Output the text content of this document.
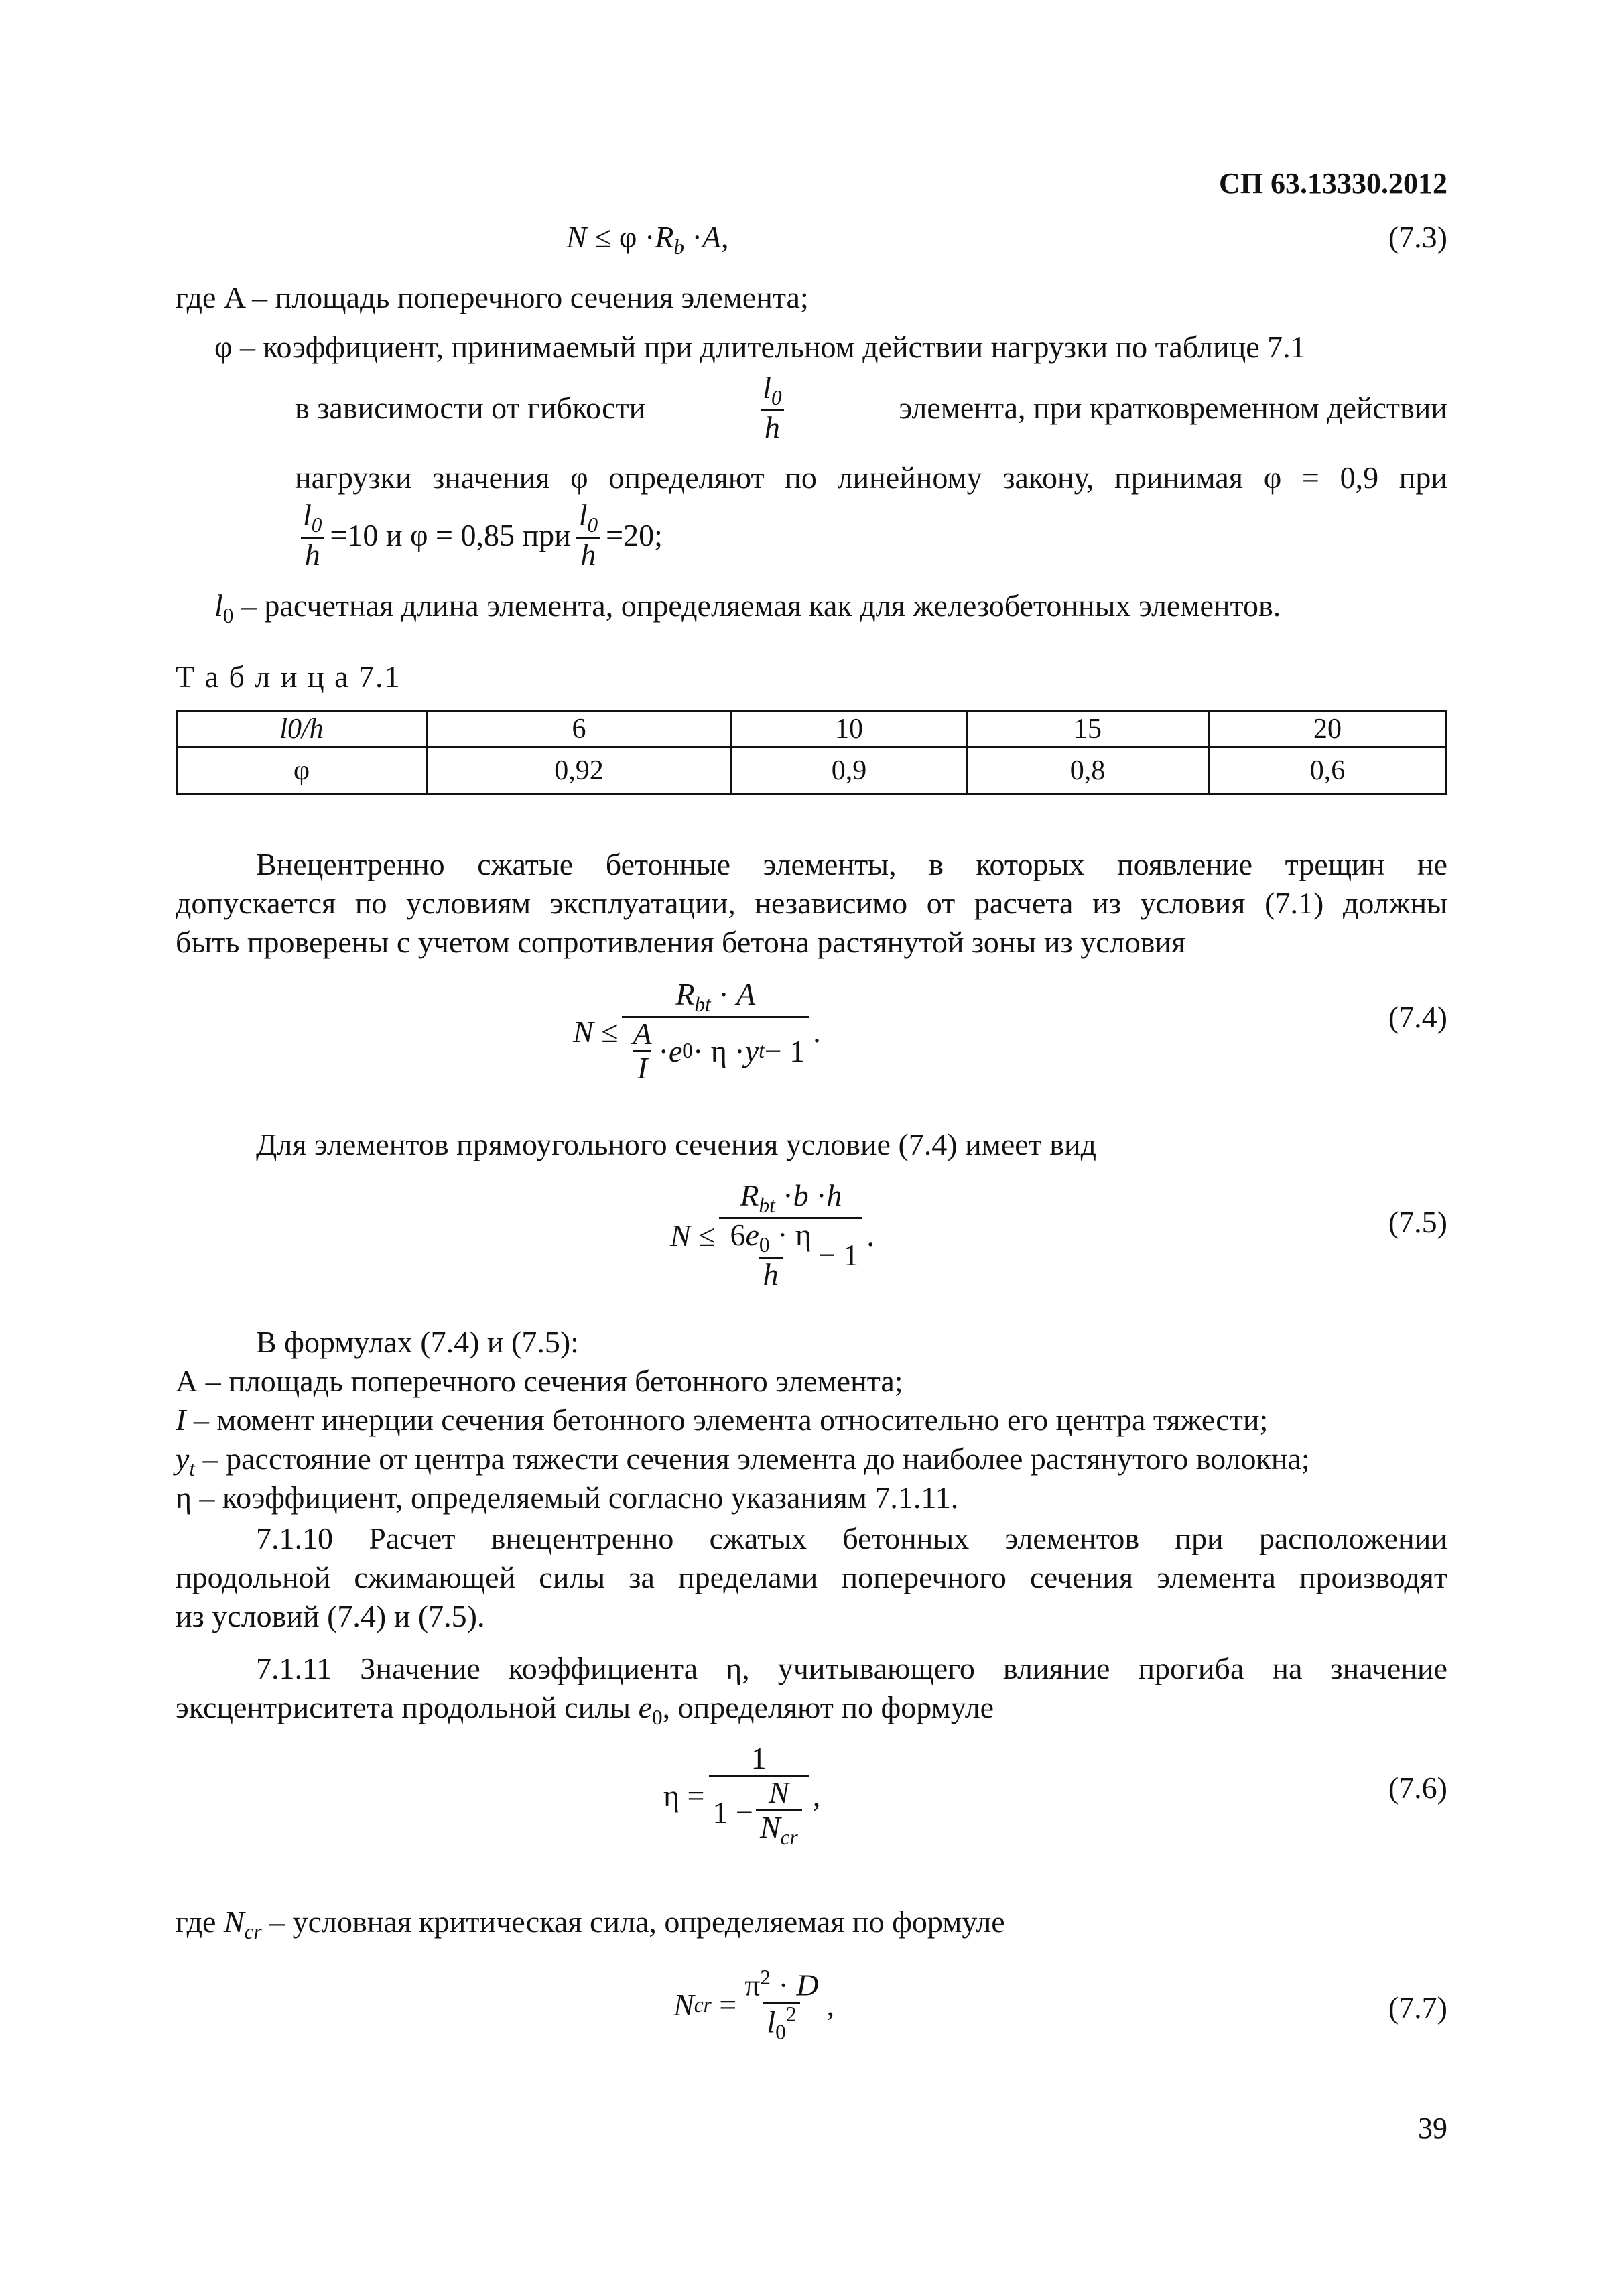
СП 63.13330.2012
$N \le \varphi \cdot R_b \cdot A$,	(7.3)
где A – площадь поперечного сечения элемента;
φ – коэффициент, принимаемый при длительном действии нагрузки по таблице 7.1
в зависимости от гибкости	$\frac{l_0}{h}$	элемента, при кратковременном действии
нагрузки значения φ определяют по линейному закону, принимая φ = 0,9 при
$\frac{l_0}{h} =10$ и φ = 0,85 при $\frac{l_0}{h} =20$;
$l_0$ – расчетная длина элемента, определяемая как для железобетонных элементов.
Т а б л и ц а 7.1
l0/h	6	10	15	20
φ	0,92	0,9	0,8	0,6
Внецентренно сжатые бетонные элементы, в которых появление трещин не
допускается по условиям эксплуатации, независимо от расчета из условия (7.1) должны
быть проверены с учетом сопротивления бетона растянутой зоны из условия
$N \le \frac{R_{bt} \cdot A}{\frac{A}{I} \cdot e 0 \cdot \eta \cdot y t - 1}$ .	(7.4)
Для элементов прямоугольного сечения условие (7.4) имеет вид
$N \le \frac{R_{bt} \cdot b \cdot h}{\frac{6e_0 \cdot \eta}{h} - 1}$ .	(7.5)
В формулах (7.4) и (7.5):
А – площадь поперечного сечения бетонного элемента;
I – момент инерции сечения бетонного элемента относительно его центра тяжести;
$y_t$ – расстояние от центра тяжести сечения элемента до наиболее растянутого волокна;
η – коэффициент, определяемый согласно указаниям 7.1.11.
7.1.10 Расчет внецентренно сжатых бетонных элементов при расположении
продольной сжимающей силы за пределами поперечного сечения элемента производят
из условий (7.4) и (7.5).
7.1.11 Значение коэффициента η, учитывающего влияние прогиба на значение
эксцентриситета продольной силы $e_0$, определяют по формуле
$\eta = \frac{1}{1 - \frac{N}{N_{cr}}}$ ,	(7.6)
где $N_{cr}$ – условная критическая сила, определяемая по формуле
N cr = $\frac{\pi^2 \cdot D}{l_0^2}$ ,	(7.7)
39
